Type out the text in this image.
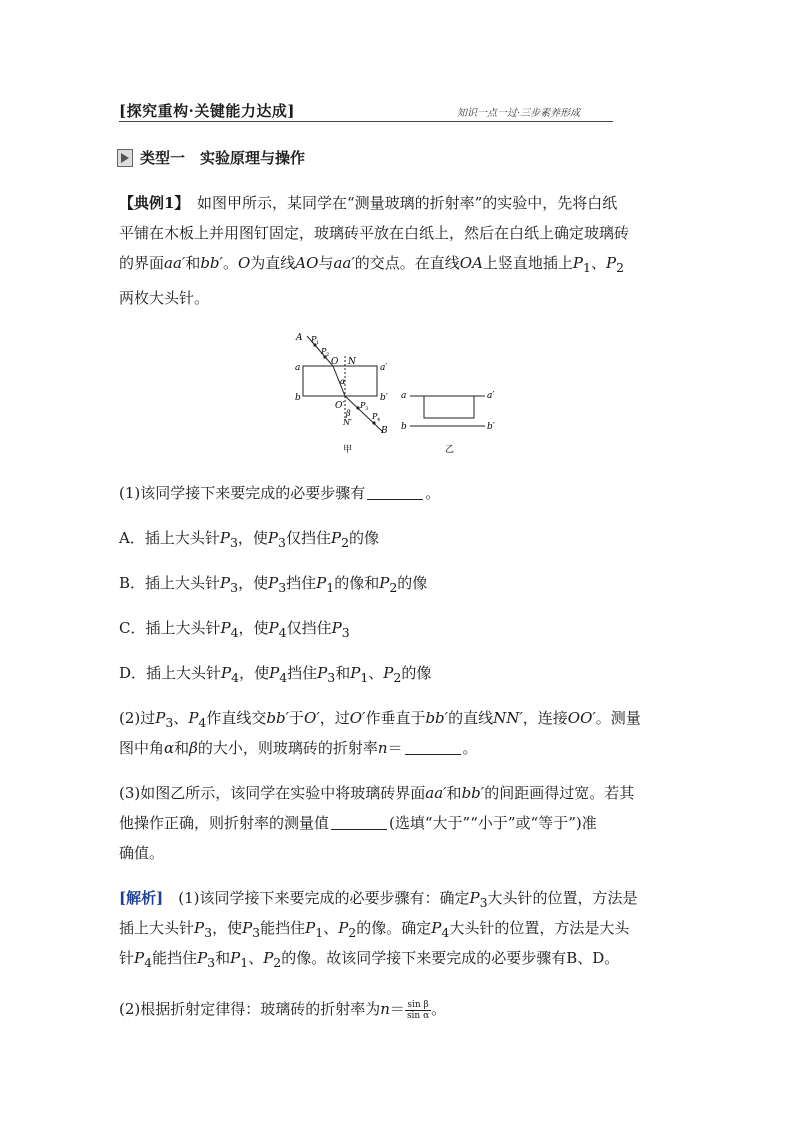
[探究重构·关键能力达成]	知识一点一过·三步素养形成
类型一　实验原理与操作
【典例1】　 如图甲所示，某同学在“测量玻璃的折射率”的实验中，先将白纸
平铺在木板上并用图钉固定，玻璃砖平放在白纸上，然后在白纸上确定玻璃砖
的界面aa′和bb′。O为直线AO与aa′的交点。在直线OA上竖直地插上$P_1$、$P_2$
两枚大头针。
A P 1
P 2
O N
a	a′
α
b	b′
O′ P 3
β
N′
P 4
B
甲
a	a′
b	b′
乙
(1)该同学接下来要完成的必要步骤有	。
A．插上大头针$P_3$，使$P_3$仅挡住$P_2$的像
B．插上大头针$P_3$，使$P_3$挡住$P_1$的像和$P_2$的像
C．插上大头针$P_4$，使$P_4$仅挡住$P_3$
D．插上大头针$P_4$，使$P_4$挡住$P_3$和$P_1$、$P_2$的像
(2)过$P_3$、$P_4$作直线交bb′于O′，过O′作垂直于bb′的直线NN′，连接OO′。测量
图中角α和β的大小，则玻璃砖的折射率n＝	。
(3)如图乙所示，该同学在实验中将玻璃砖界面aa′和bb′的间距画得过宽。若其
他操作正确，则折射率的测量值	(选填“大于”“小于”或“等于”)准
确值。
[解析]　 (1)该同学接下来要完成的必要步骤有：确定$P_3$大头针的位置，方法是
插上大头针$P_3$，使$P_3$能挡住$P_1$、$P_2$的像。确定$P_4$大头针的位置，方法是大头
针$P_4$能挡住$P_3$和$P_1$、$P_2$的像。故该同学接下来要完成的必要步骤有B、D。
(2)根据折射定律得：玻璃砖的折射率为$n= \frac{\text{sin β}}{\text{sin α}}$ 。
